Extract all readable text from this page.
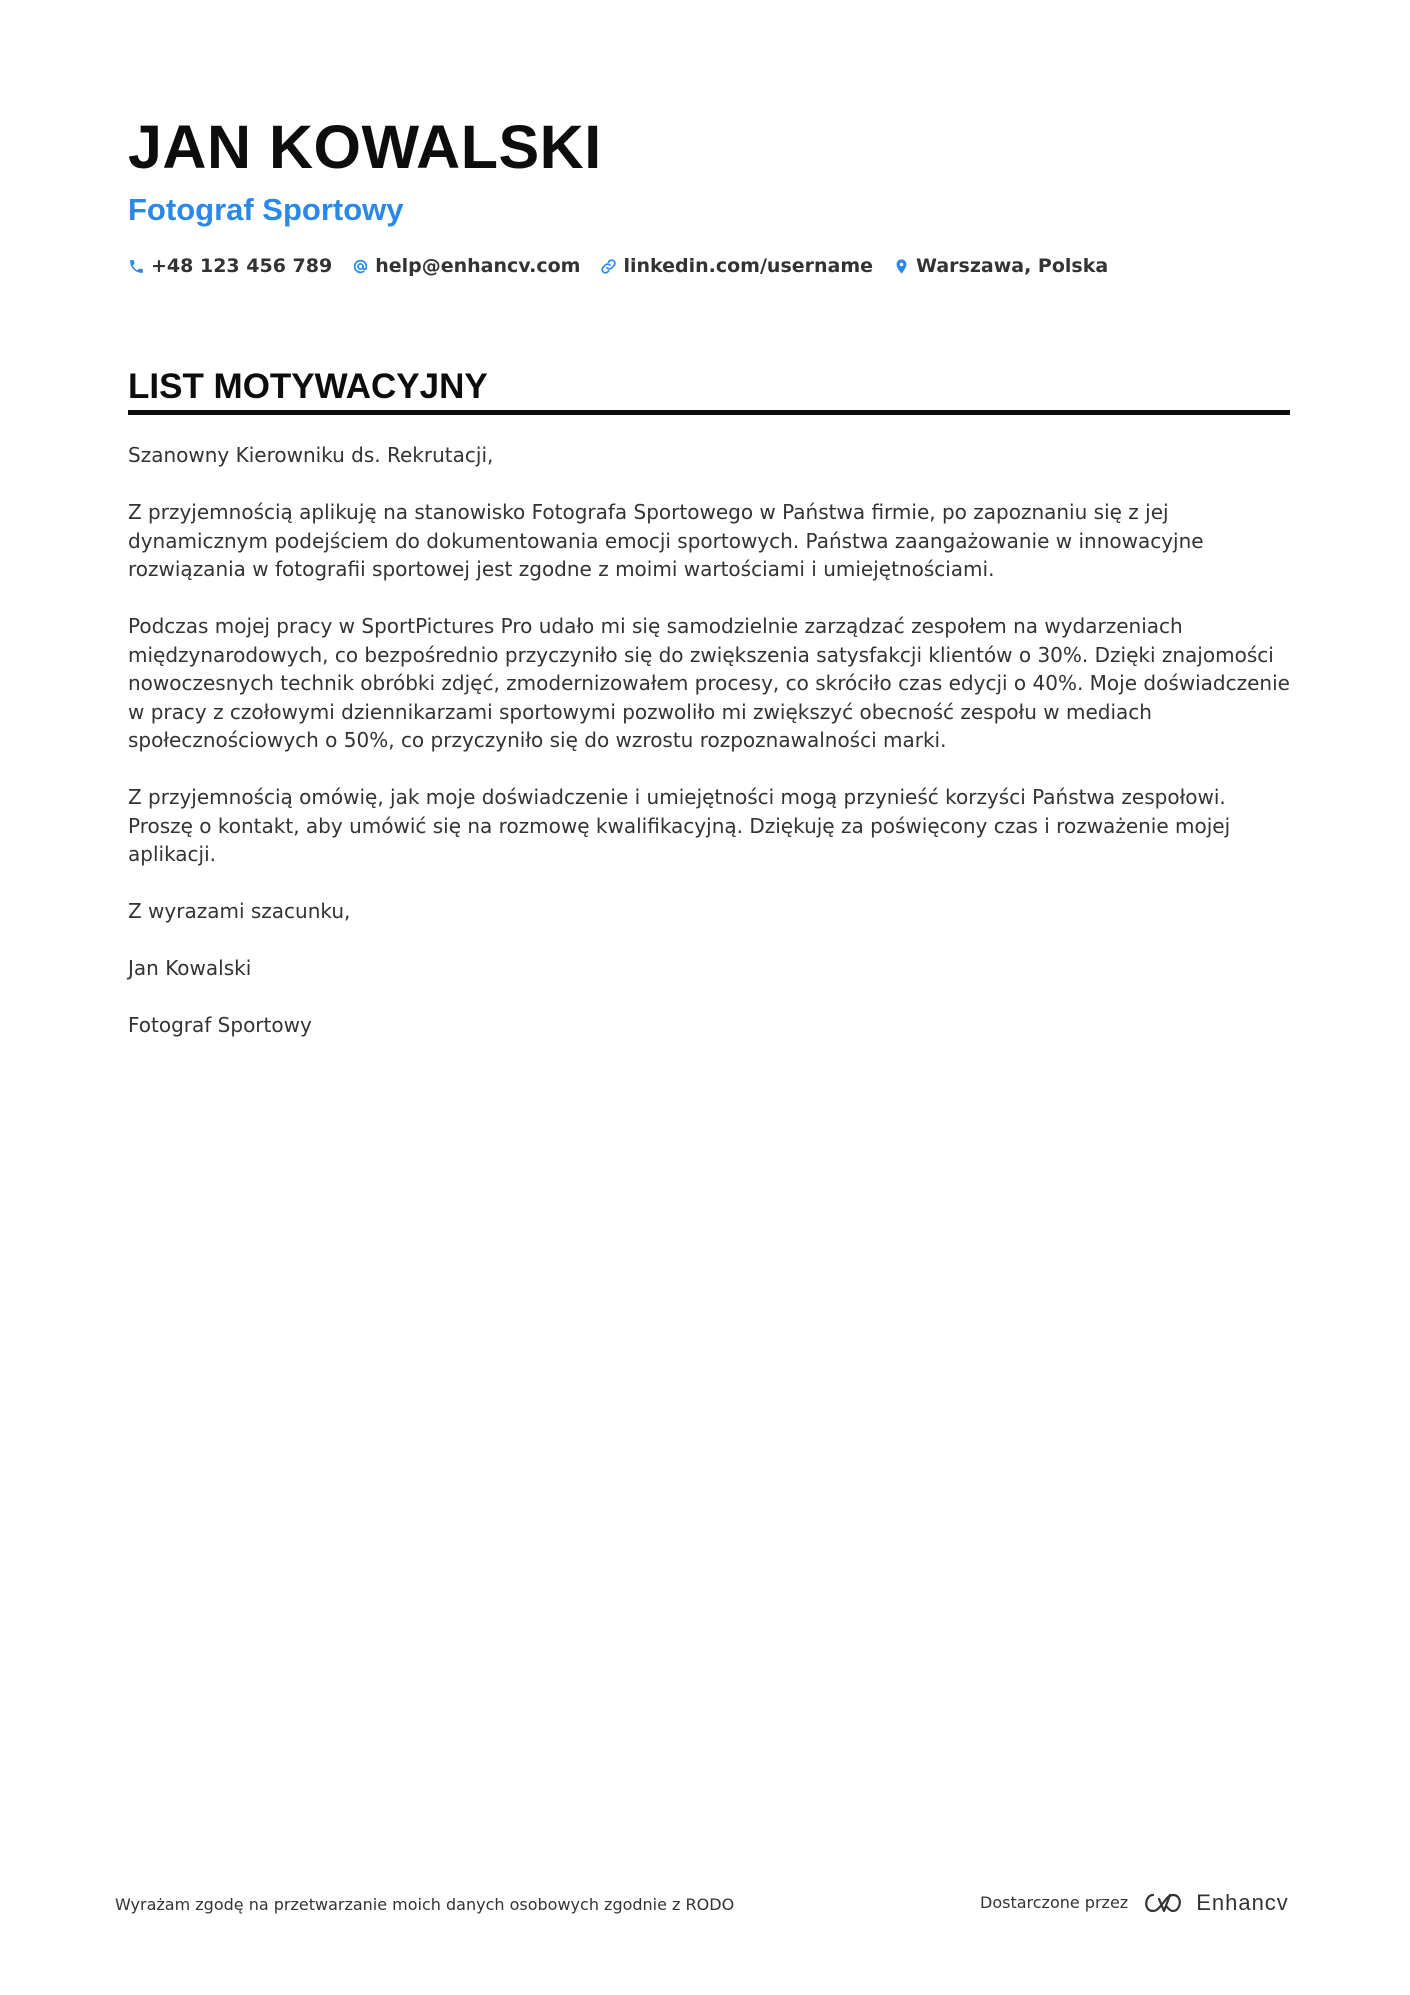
JAN KOWALSKI
Fotograf Sportowy
+48 123 456 789 help@enhancv.com linkedin.com/username Warszawa, Polska
LIST MOTYWACYJNY

Szanowny Kierowniku ds. Rekrutacji,

Z przyjemnością aplikuję na stanowisko Fotografa Sportowego w Państwa firmie, po zapoznaniu się z jej dynamicznym podejściem do dokumentowania emocji sportowych. Państwa zaangażowanie w innowacyjne rozwiązania w fotografii sportowej jest zgodne z moimi wartościami i umiejętnościami.

Podczas mojej pracy w SportPictures Pro udało mi się samodzielnie zarządzać zespołem na wydarzeniach międzynarodowych, co bezpośrednio przyczyniło się do zwiększenia satysfakcji klientów o 30%. Dzięki znajomości nowoczesnych technik obróbki zdjęć, zmodernizowałem procesy, co skróciło czas edycji o 40%. Moje doświadczenie w pracy z czołowymi dziennikarzami sportowymi pozwoliło mi zwiększyć obecność zespołu w mediach społecznościowych o 50%, co przyczyniło się do wzrostu rozpoznawalności marki.

Z przyjemnością omówię, jak moje doświadczenie i umiejętności mogą przynieść korzyści Państwa zespołowi. Proszę o kontakt, aby umówić się na rozmowę kwalifikacyjną. Dziękuję za poświęcony czas i rozważenie mojej aplikacji.

Z wyrazami szacunku,

Jan Kowalski

Fotograf Sportowy

Wyrażam zgodę na przetwarzanie moich danych osobowych zgodnie z RODO	Dostarczone przez	Enhancv
